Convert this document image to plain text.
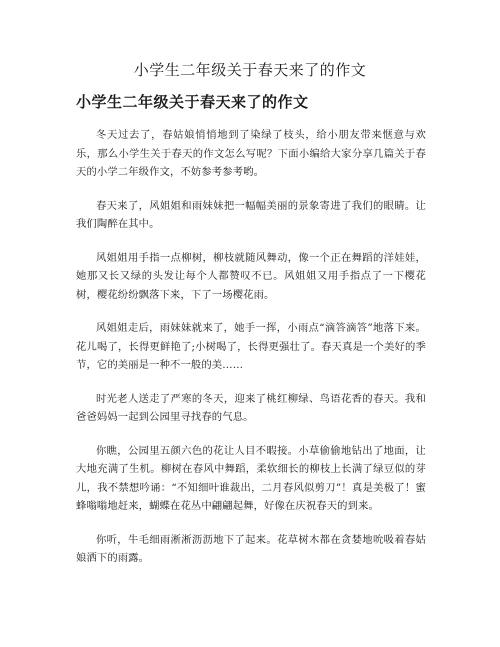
小学生二年级关于春天来了的作文
小学生二年级关于春天来了的作文

冬天过去了，春姑娘悄悄地到了染绿了枝头，给小朋友带来惬意与欢乐，那么小学生关于春天的作文怎么写呢？下面小编给大家分享几篇关于春天的小学二年级作文，不妨参考参考哟。

春天来了，风姐姐和雨妹妹把一幅幅美丽的景象寄进了我们的眼睛。让我们陶醉在其中。

风姐姐用手指一点柳树，柳枝就随风舞动，像一个正在舞蹈的洋娃娃，她那又长又绿的头发让每个人都赞叹不已。风姐姐又用手指点了一下樱花树，樱花纷纷飘落下来，下了一场樱花雨。

风姐姐走后，雨妹妹就来了，她手一挥，小雨点“滴答滴答”地落下来。花儿喝了，长得更鲜艳了;小树喝了，长得更强壮了。春天真是一个美好的季节，它的美丽是一种不一般的美……

时光老人送走了严寒的冬天，迎来了桃红柳绿、鸟语花香的春天。我和爸爸妈妈一起到公园里寻找春的气息。

你瞧，公园里五颜六色的花让人目不暇接。小草偷偷地钻出了地面，让大地充满了生机。柳树在春风中舞蹈，柔软细长的柳枝上长满了绿豆似的芽儿，我不禁想吟诵：“不知细叶谁裁出，二月春风似剪刀”！真是美极了！蜜蜂嗡嗡地赶来，蝴蝶在花丛中翩翩起舞，好像在庆祝春天的到来。

你听，牛毛细雨淅淅沥沥地下了起来。花草树木都在贪婪地吮吸着春姑娘洒下的雨露。
